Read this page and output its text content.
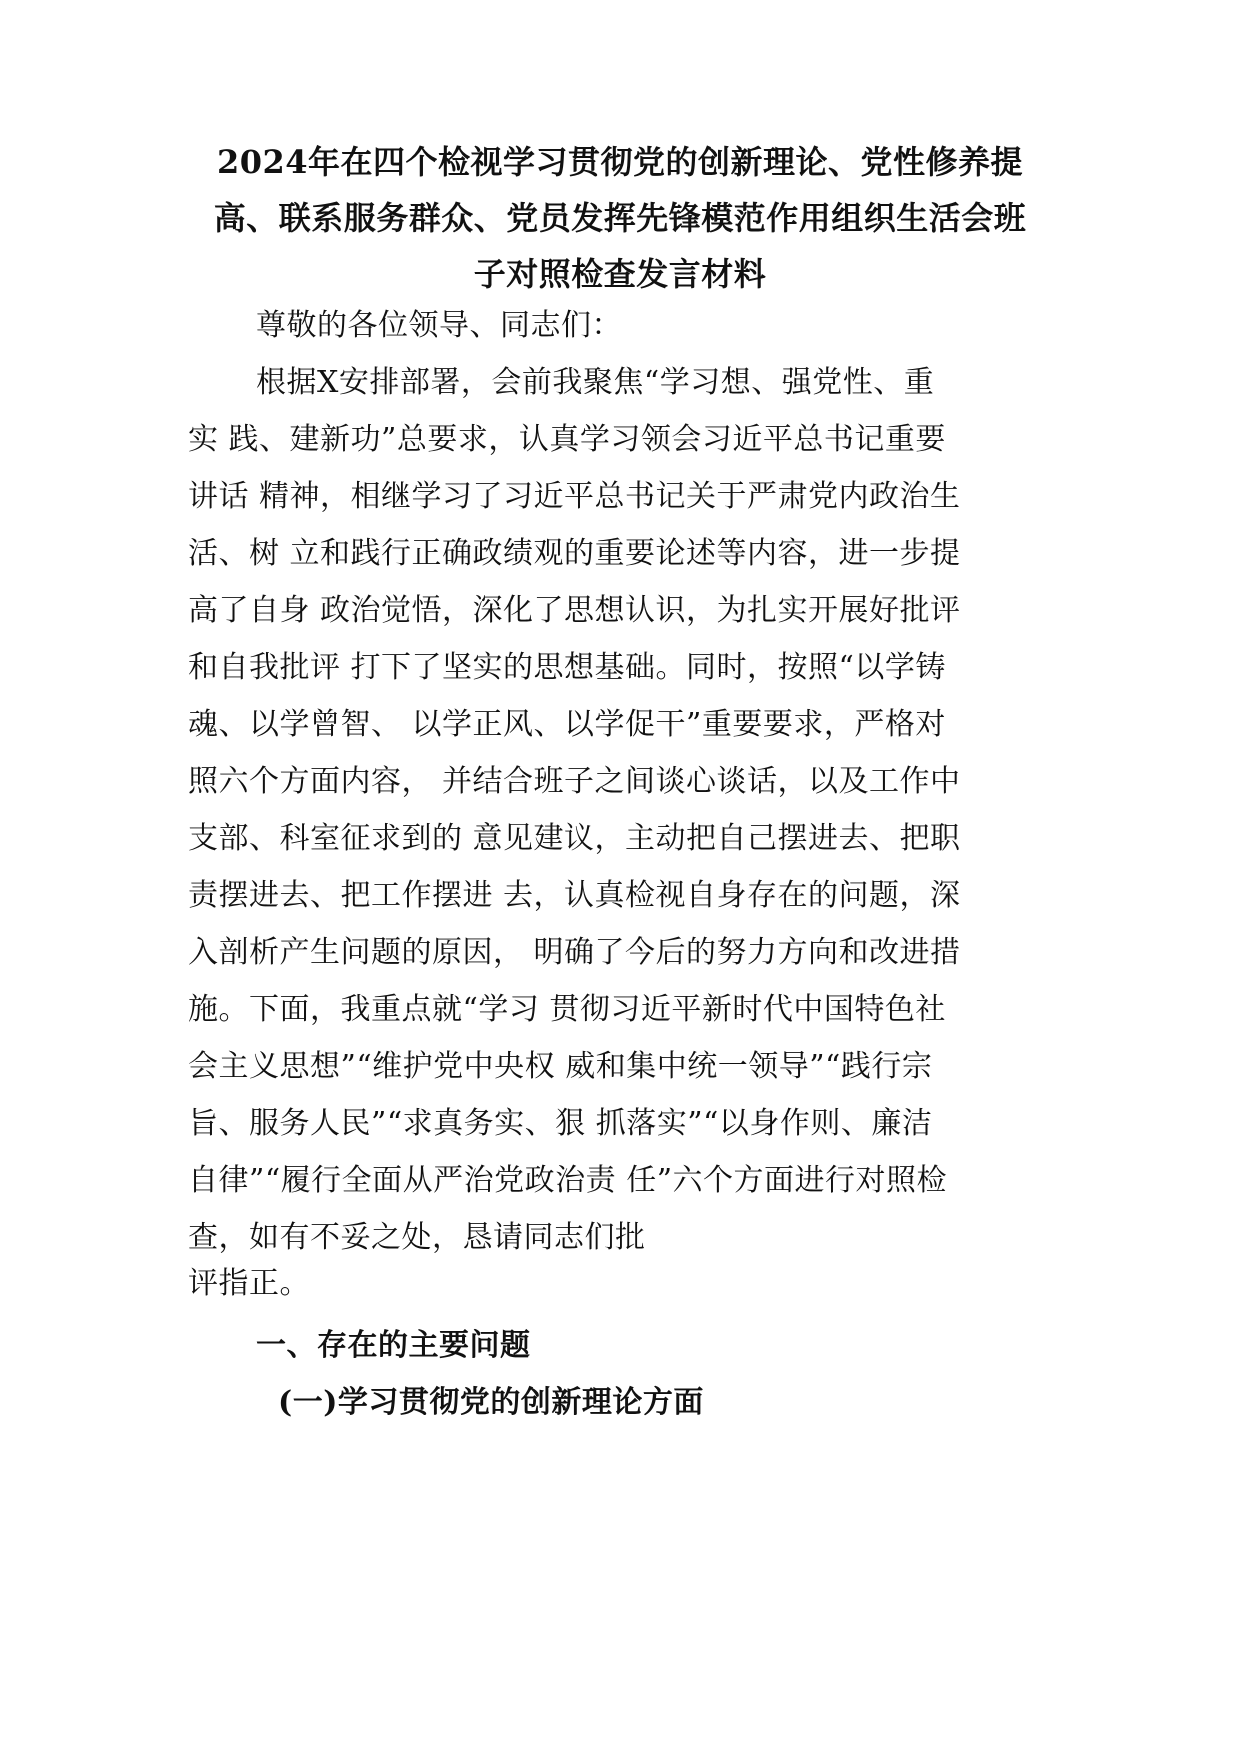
2024年在四个检视学习贯彻党的创新理论、党性修养提
高、联系服务群众、党员发挥先锋模范作用组织生活会班
子对照检查发言材料
尊敬的各位领导、同志们：
根据X安排部署，会前我聚焦“学习想、强党性、重
实 践、建新功”总要求，认真学习领会习近平总书记重要
讲话 精神，相继学习了习近平总书记关于严肃党内政治生
活、树 立和践行正确政绩观的重要论述等内容，进一步提
高了自身 政治觉悟，深化了思想认识，为扎实开展好批评
和自我批评 打下了坚实的思想基础。同时，按照“以学铸
魂、以学曾智、 以学正风、以学促干”重要要求，严格对
照六个方面内容， 并结合班子之间谈心谈话，以及工作中
支部、科室征求到的 意见建议，主动把自己摆进去、把职
责摆进去、把工作摆进 去，认真检视自身存在的问题，深
入剖析产生问题的原因， 明确了今后的努力方向和改进措
施。下面，我重点就“学习 贯彻习近平新时代中国特色社
会主义思想”“维护党中央权 威和集中统一领导”“践行宗
旨、服务人民”“求真务实、狠 抓落实”“以身作则、廉洁
自律”“履行全面从严治党政治责 任”六个方面进行对照检
查，如有不妥之处，恳请同志们批
评指正。
一、存在的主要问题
(一)学习贯彻党的创新理论方面
